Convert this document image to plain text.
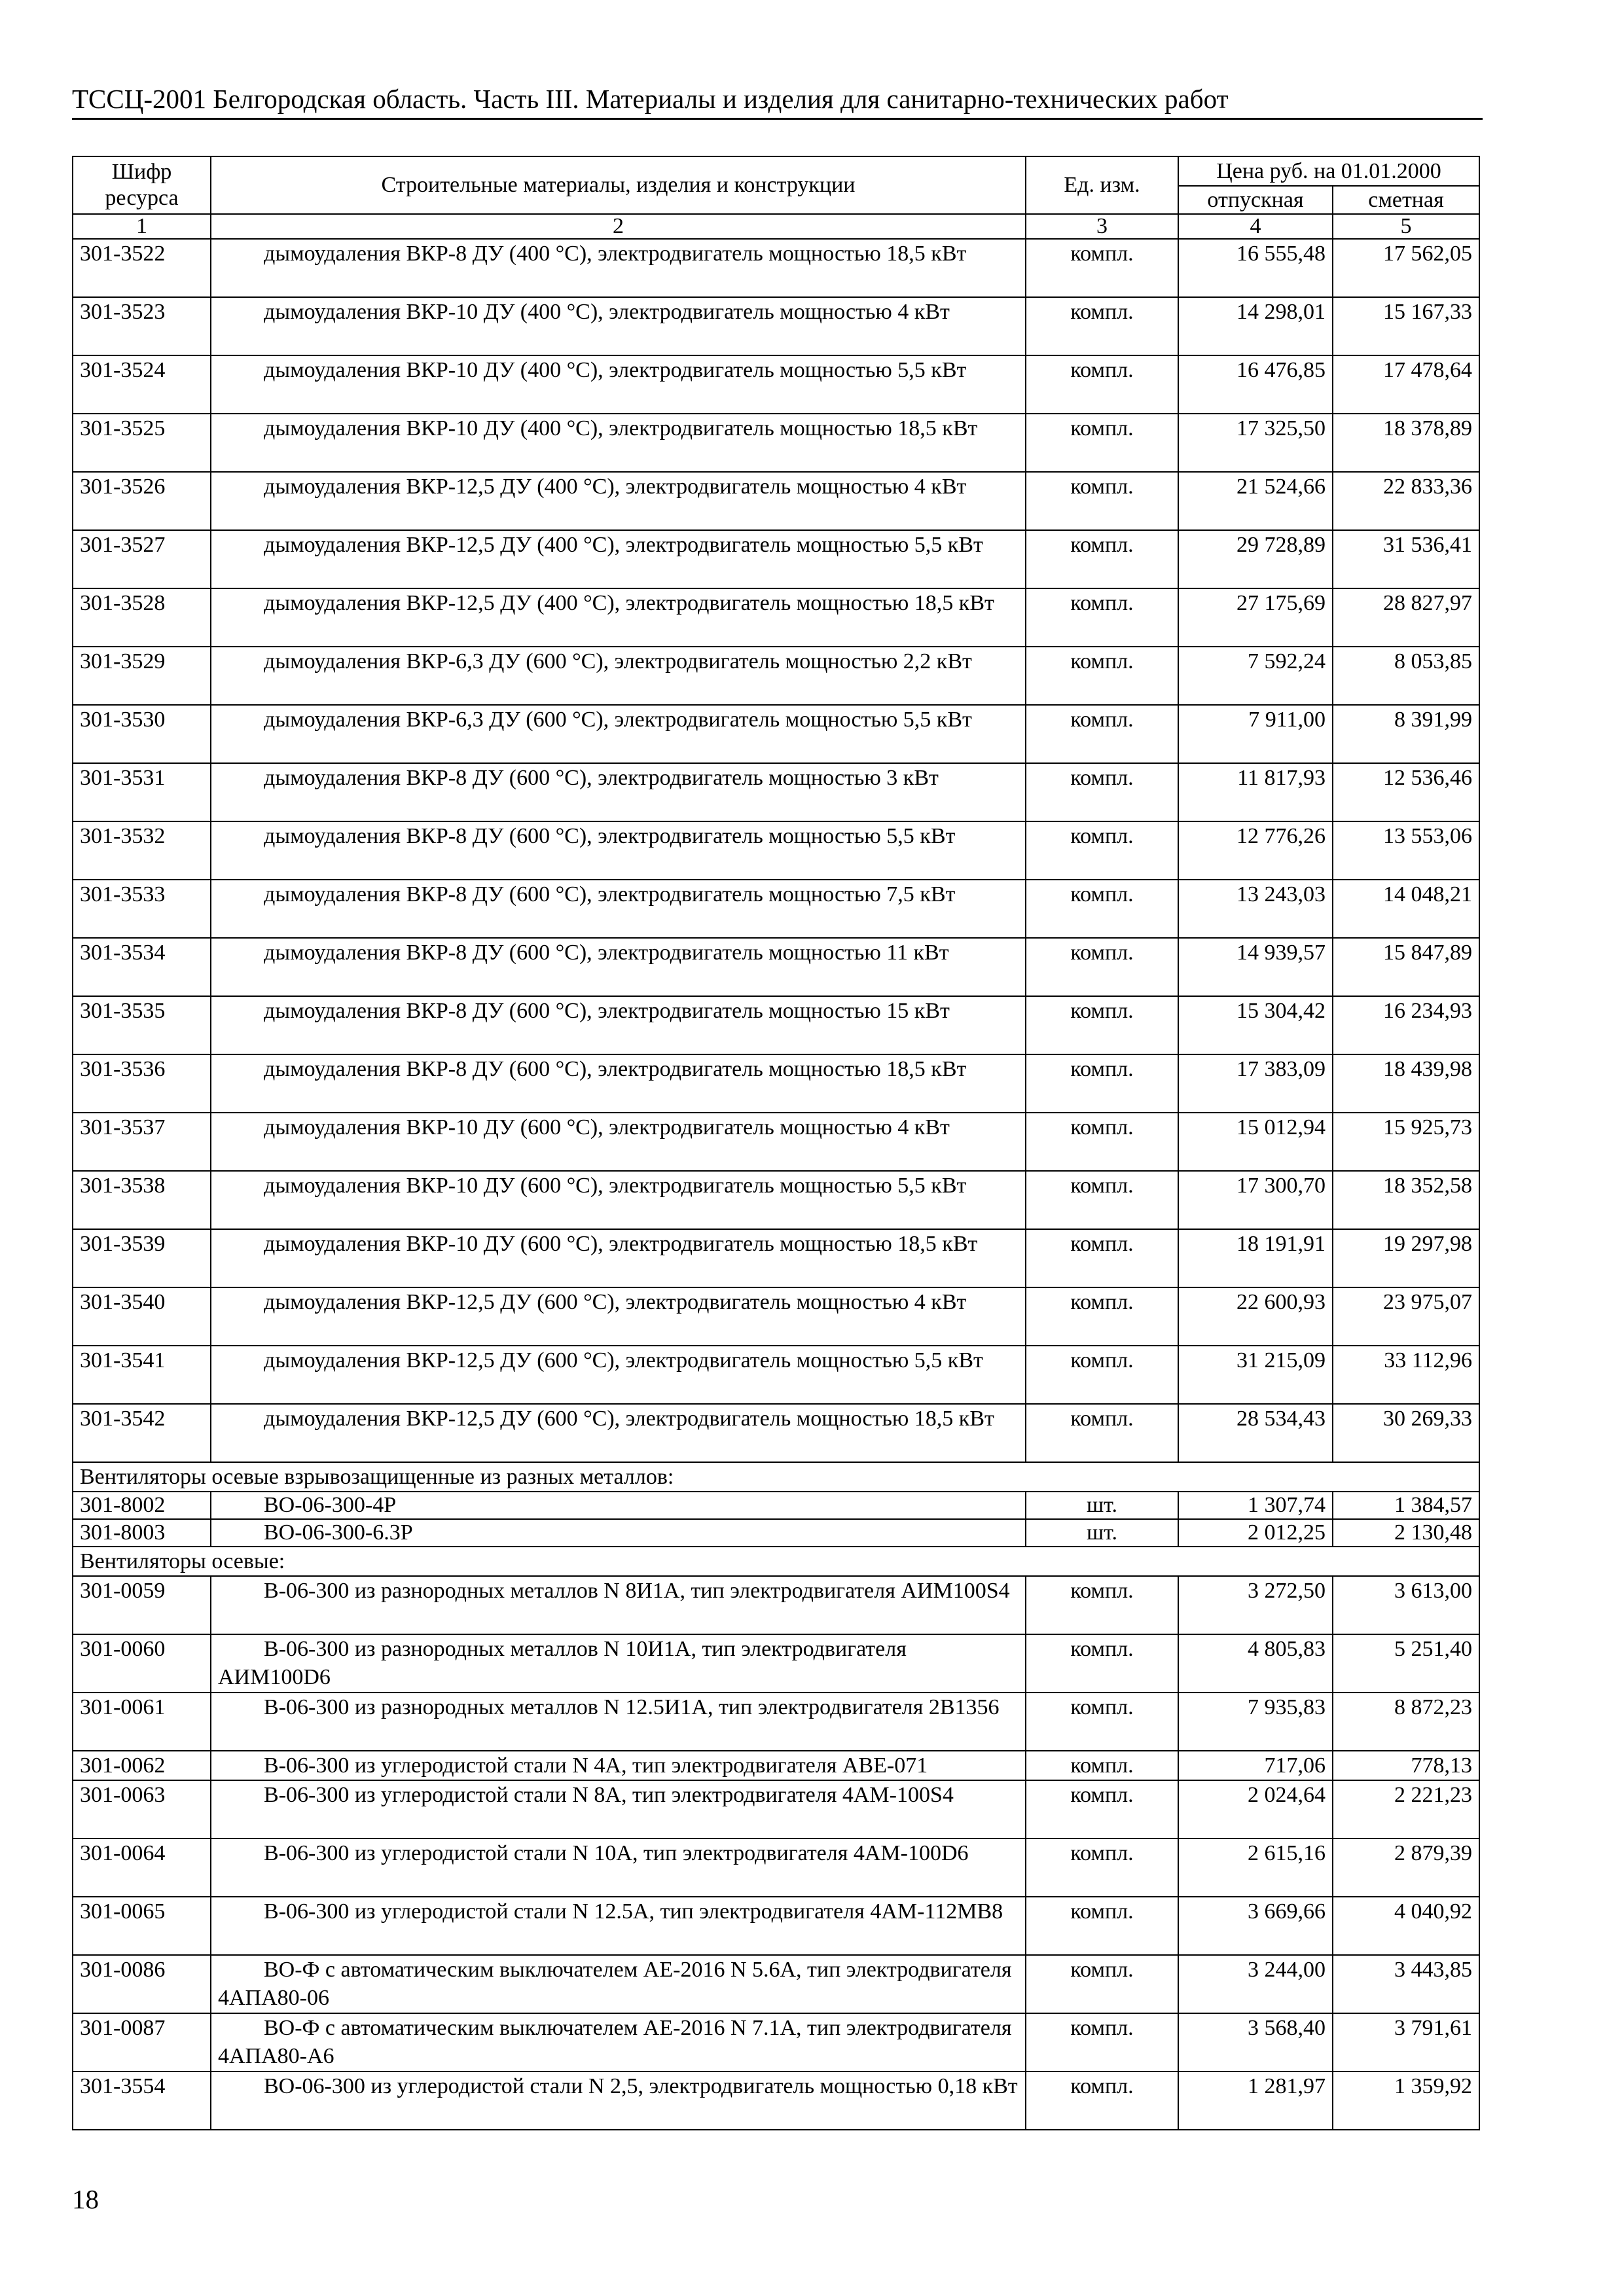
ТССЦ-2001 Белгородская область. Часть III. Материалы и изделия для санитарно-технических работ
Шифр ресурса	Строительные материалы, изделия и конструкции	Ед. изм.	Цена руб. на 01.01.2000	
			отпускная	сметная
1	2	3	4	5
301-3522	дымоудаления ВКР-8 ДУ (400 °С), электродвигатель мощностью 18,5 кВт	компл.	16 555,48	17 562,05
301-3523	дымоудаления ВКР-10 ДУ (400 °С), электродвигатель мощностью 4 кВт	компл.	14 298,01	15 167,33
301-3524	дымоудаления ВКР-10 ДУ (400 °С), электродвигатель мощностью 5,5 кВт	компл.	16 476,85	17 478,64
301-3525	дымоудаления ВКР-10 ДУ (400 °С), электродвигатель мощностью 18,5 кВт	компл.	17 325,50	18 378,89
301-3526	дымоудаления ВКР-12,5 ДУ (400 °С), электродвигатель мощностью 4 кВт	компл.	21 524,66	22 833,36
301-3527	дымоудаления ВКР-12,5 ДУ (400 °С), электродвигатель мощностью 5,5 кВт	компл.	29 728,89	31 536,41
301-3528	дымоудаления ВКР-12,5 ДУ (400 °С), электродвигатель мощностью 18,5 кВт	компл.	27 175,69	28 827,97
301-3529	дымоудаления ВКР-6,3 ДУ (600 °С), электродвигатель мощностью 2,2 кВт	компл.	7 592,24	8 053,85
301-3530	дымоудаления ВКР-6,3 ДУ (600 °С), электродвигатель мощностью 5,5 кВт	компл.	7 911,00	8 391,99
301-3531	дымоудаления ВКР-8 ДУ (600 °С), электродвигатель мощностью 3 кВт	компл.	11 817,93	12 536,46
301-3532	дымоудаления ВКР-8 ДУ (600 °С), электродвигатель мощностью 5,5 кВт	компл.	12 776,26	13 553,06
301-3533	дымоудаления ВКР-8 ДУ (600 °С), электродвигатель мощностью 7,5 кВт	компл.	13 243,03	14 048,21
301-3534	дымоудаления ВКР-8 ДУ (600 °С), электродвигатель мощностью 11 кВт	компл.	14 939,57	15 847,89
301-3535	дымоудаления ВКР-8 ДУ (600 °С), электродвигатель мощностью 15 кВт	компл.	15 304,42	16 234,93
301-3536	дымоудаления ВКР-8 ДУ (600 °С), электродвигатель мощностью 18,5 кВт	компл.	17 383,09	18 439,98
301-3537	дымоудаления ВКР-10 ДУ (600 °С), электродвигатель мощностью 4 кВт	компл.	15 012,94	15 925,73
301-3538	дымоудаления ВКР-10 ДУ (600 °С), электродвигатель мощностью 5,5 кВт	компл.	17 300,70	18 352,58
301-3539	дымоудаления ВКР-10 ДУ (600 °С), электродвигатель мощностью 18,5 кВт	компл.	18 191,91	19 297,98
301-3540	дымоудаления ВКР-12,5 ДУ (600 °С), электродвигатель мощностью 4 кВт	компл.	22 600,93	23 975,07
301-3541	дымоудаления ВКР-12,5 ДУ (600 °С), электродвигатель мощностью 5,5 кВт	компл.	31 215,09	33 112,96
301-3542	дымоудаления ВКР-12,5 ДУ (600 °С), электродвигатель мощностью 18,5 кВт	компл.	28 534,43	30 269,33
Вентиляторы осевые взрывозащищенные из разных металлов:				
301-8002	ВО-06-300-4Р	шт.	1 307,74	1 384,57
301-8003	ВО-06-300-6.3Р	шт.	2 012,25	2 130,48
Вентиляторы осевые:				
301-0059	В-06-300 из разнородных металлов N 8И1А, тип электродвигателя АИМ100S4	компл.	3 272,50	3 613,00
301-0060	В-06-300 из разнородных металлов N 10И1А, тип электродвигателя АИМ100D6	компл.	4 805,83	5 251,40
301-0061	В-06-300 из разнородных металлов N 12.5И1А, тип электродвигателя 2В1356	компл.	7 935,83	8 872,23
301-0062	В-06-300 из углеродистой стали N 4А, тип электродвигателя АВЕ-071	компл.	717,06	778,13
301-0063	В-06-300 из углеродистой стали N 8А, тип электродвигателя 4АМ-100S4	компл.	2 024,64	2 221,23
301-0064	В-06-300 из углеродистой стали N 10А, тип электродвигателя 4АМ-100D6	компл.	2 615,16	2 879,39
301-0065	В-06-300 из углеродистой стали N 12.5А, тип электродвигателя 4АМ-112МВ8	компл.	3 669,66	4 040,92
301-0086	ВО-Ф с автоматическим выключателем АЕ-2016 N 5.6А, тип электродвигателя 4АПА80-06	компл.	3 244,00	3 443,85
301-0087	ВО-Ф с автоматическим выключателем АЕ-2016 N 7.1А, тип электродвигателя 4АПА80-А6	компл.	3 568,40	3 791,61
301-3554	ВО-06-300 из углеродистой стали N 2,5, электродвигатель мощностью 0,18 кВт	компл.	1 281,97	1 359,92
18
